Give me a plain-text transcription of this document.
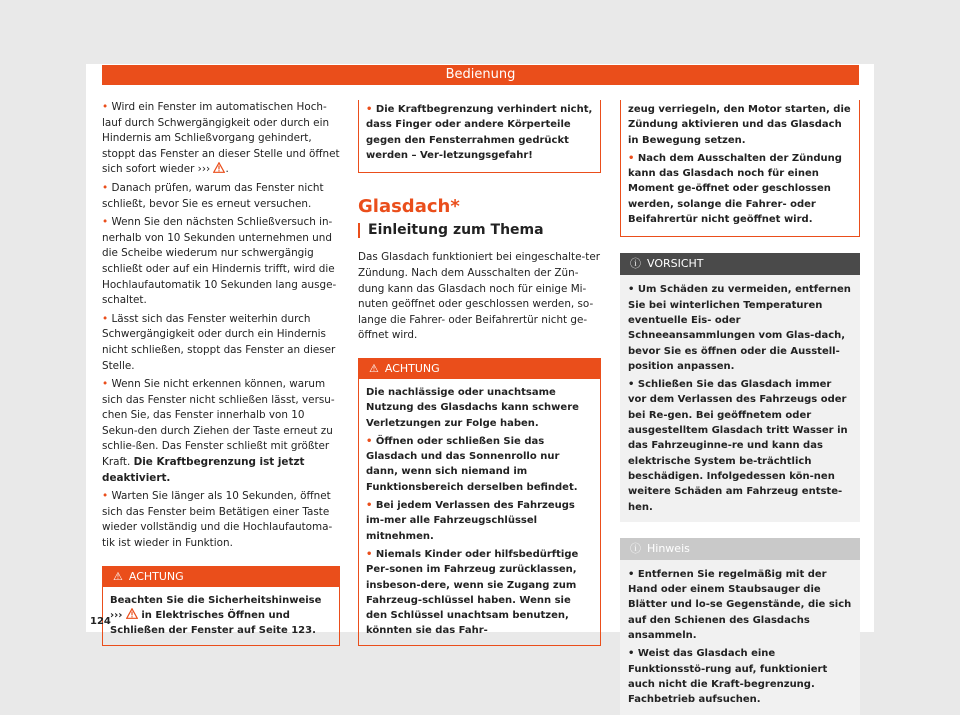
Bedienung

• Wird ein Fenster im automatischen Hoch-lauf durch Schwergängigkeit oder durch ein Hindernis am Schließvorgang gehindert, stoppt das Fenster an dieser Stelle und öffnet sich sofort wieder ››› .

• Danach prüfen, warum das Fenster nicht schließt, bevor Sie es erneut versuchen.

• Wenn Sie den nächsten Schließversuch in-nerhalb von 10 Sekunden unternehmen und die Scheibe wiederum nur schwergängig schließt oder auf ein Hindernis trifft, wird die Hochlaufautomatik 10 Sekunden lang ausge-schaltet.

• Lässt sich das Fenster weiterhin durch Schwergängigkeit oder durch ein Hindernis nicht schließen, stoppt das Fenster an dieser Stelle.

• Wenn Sie nicht erkennen können, warum sich das Fenster nicht schließen lässt, versu-chen Sie, das Fenster innerhalb von 10 Sekun-den durch Ziehen der Taste erneut zu schlie-ßen. Das Fenster schließt mit größter Kraft. Die Kraftbegrenzung ist jetzt deaktiviert.

• Warten Sie länger als 10 Sekunden, öffnet sich das Fenster beim Betätigen einer Taste wieder vollständig und die Hochlaufautoma-tik ist wieder in Funktion.

⚠ ACHTUNG
Beachten Sie die Sicherheitshinweise ››› in Elektrisches Öffnen und Schließen der Fenster auf Seite 123.

• Die Kraftbegrenzung verhindert nicht, dass Finger oder andere Körperteile gegen den Fensterrahmen gedrückt werden – Ver-letzungsgefahr!

Glasdach*
Einleitung zum Thema

Das Glasdach funktioniert bei eingeschalte-ter Zündung. Nach dem Ausschalten der Zün-dung kann das Glasdach noch für einige Mi-nuten geöffnet oder geschlossen werden, so-lange die Fahrer- oder Beifahrertür nicht ge-öffnet wird.

⚠ ACHTUNG

Die nachlässige oder unachtsame Nutzung des Glasdachs kann schwere Verletzungen zur Folge haben.

• Öffnen oder schließen Sie das Glasdach und das Sonnenrollo nur dann, wenn sich niemand im Funktionsbereich derselben befindet.

• Bei jedem Verlassen des Fahrzeugs im-mer alle Fahrzeugschlüssel mitnehmen.

• Niemals Kinder oder hilfsbedürftige Per-sonen im Fahrzeug zurücklassen, insbeson-dere, wenn sie Zugang zum Fahrzeug-schlüssel haben. Wenn sie den Schlüssel unachtsam benutzen, könnten sie das Fahr-

zeug verriegeln, den Motor starten, die Zündung aktivieren und das Glasdach in Bewegung setzen.

• Nach dem Ausschalten der Zündung kann das Glasdach noch für einen Moment ge-öffnet oder geschlossen werden, solange die Fahrer- oder Beifahrertür nicht geöffnet wird.

ⓘ VORSICHT

• Um Schäden zu vermeiden, entfernen Sie bei winterlichen Temperaturen eventuelle Eis- oder Schneeansammlungen vom Glas-dach, bevor Sie es öffnen oder die Ausstell-position anpassen.

• Schließen Sie das Glasdach immer vor dem Verlassen des Fahrzeugs oder bei Re-gen. Bei geöffnetem oder ausgestelltem Glasdach tritt Wasser in das Fahrzeuginne-re und kann das elektrische System be-trächtlich beschädigen. Infolgedessen kön-nen weitere Schäden am Fahrzeug entste-hen.

ⓘ Hinweis

• Entfernen Sie regelmäßig mit der Hand oder einem Staubsauger die Blätter und lo-se Gegenstände, die sich auf den Schienen des Glasdachs ansammeln.

• Weist das Glasdach eine Funktionsstö-rung auf, funktioniert auch nicht die Kraft-begrenzung. Fachbetrieb aufsuchen.

124
